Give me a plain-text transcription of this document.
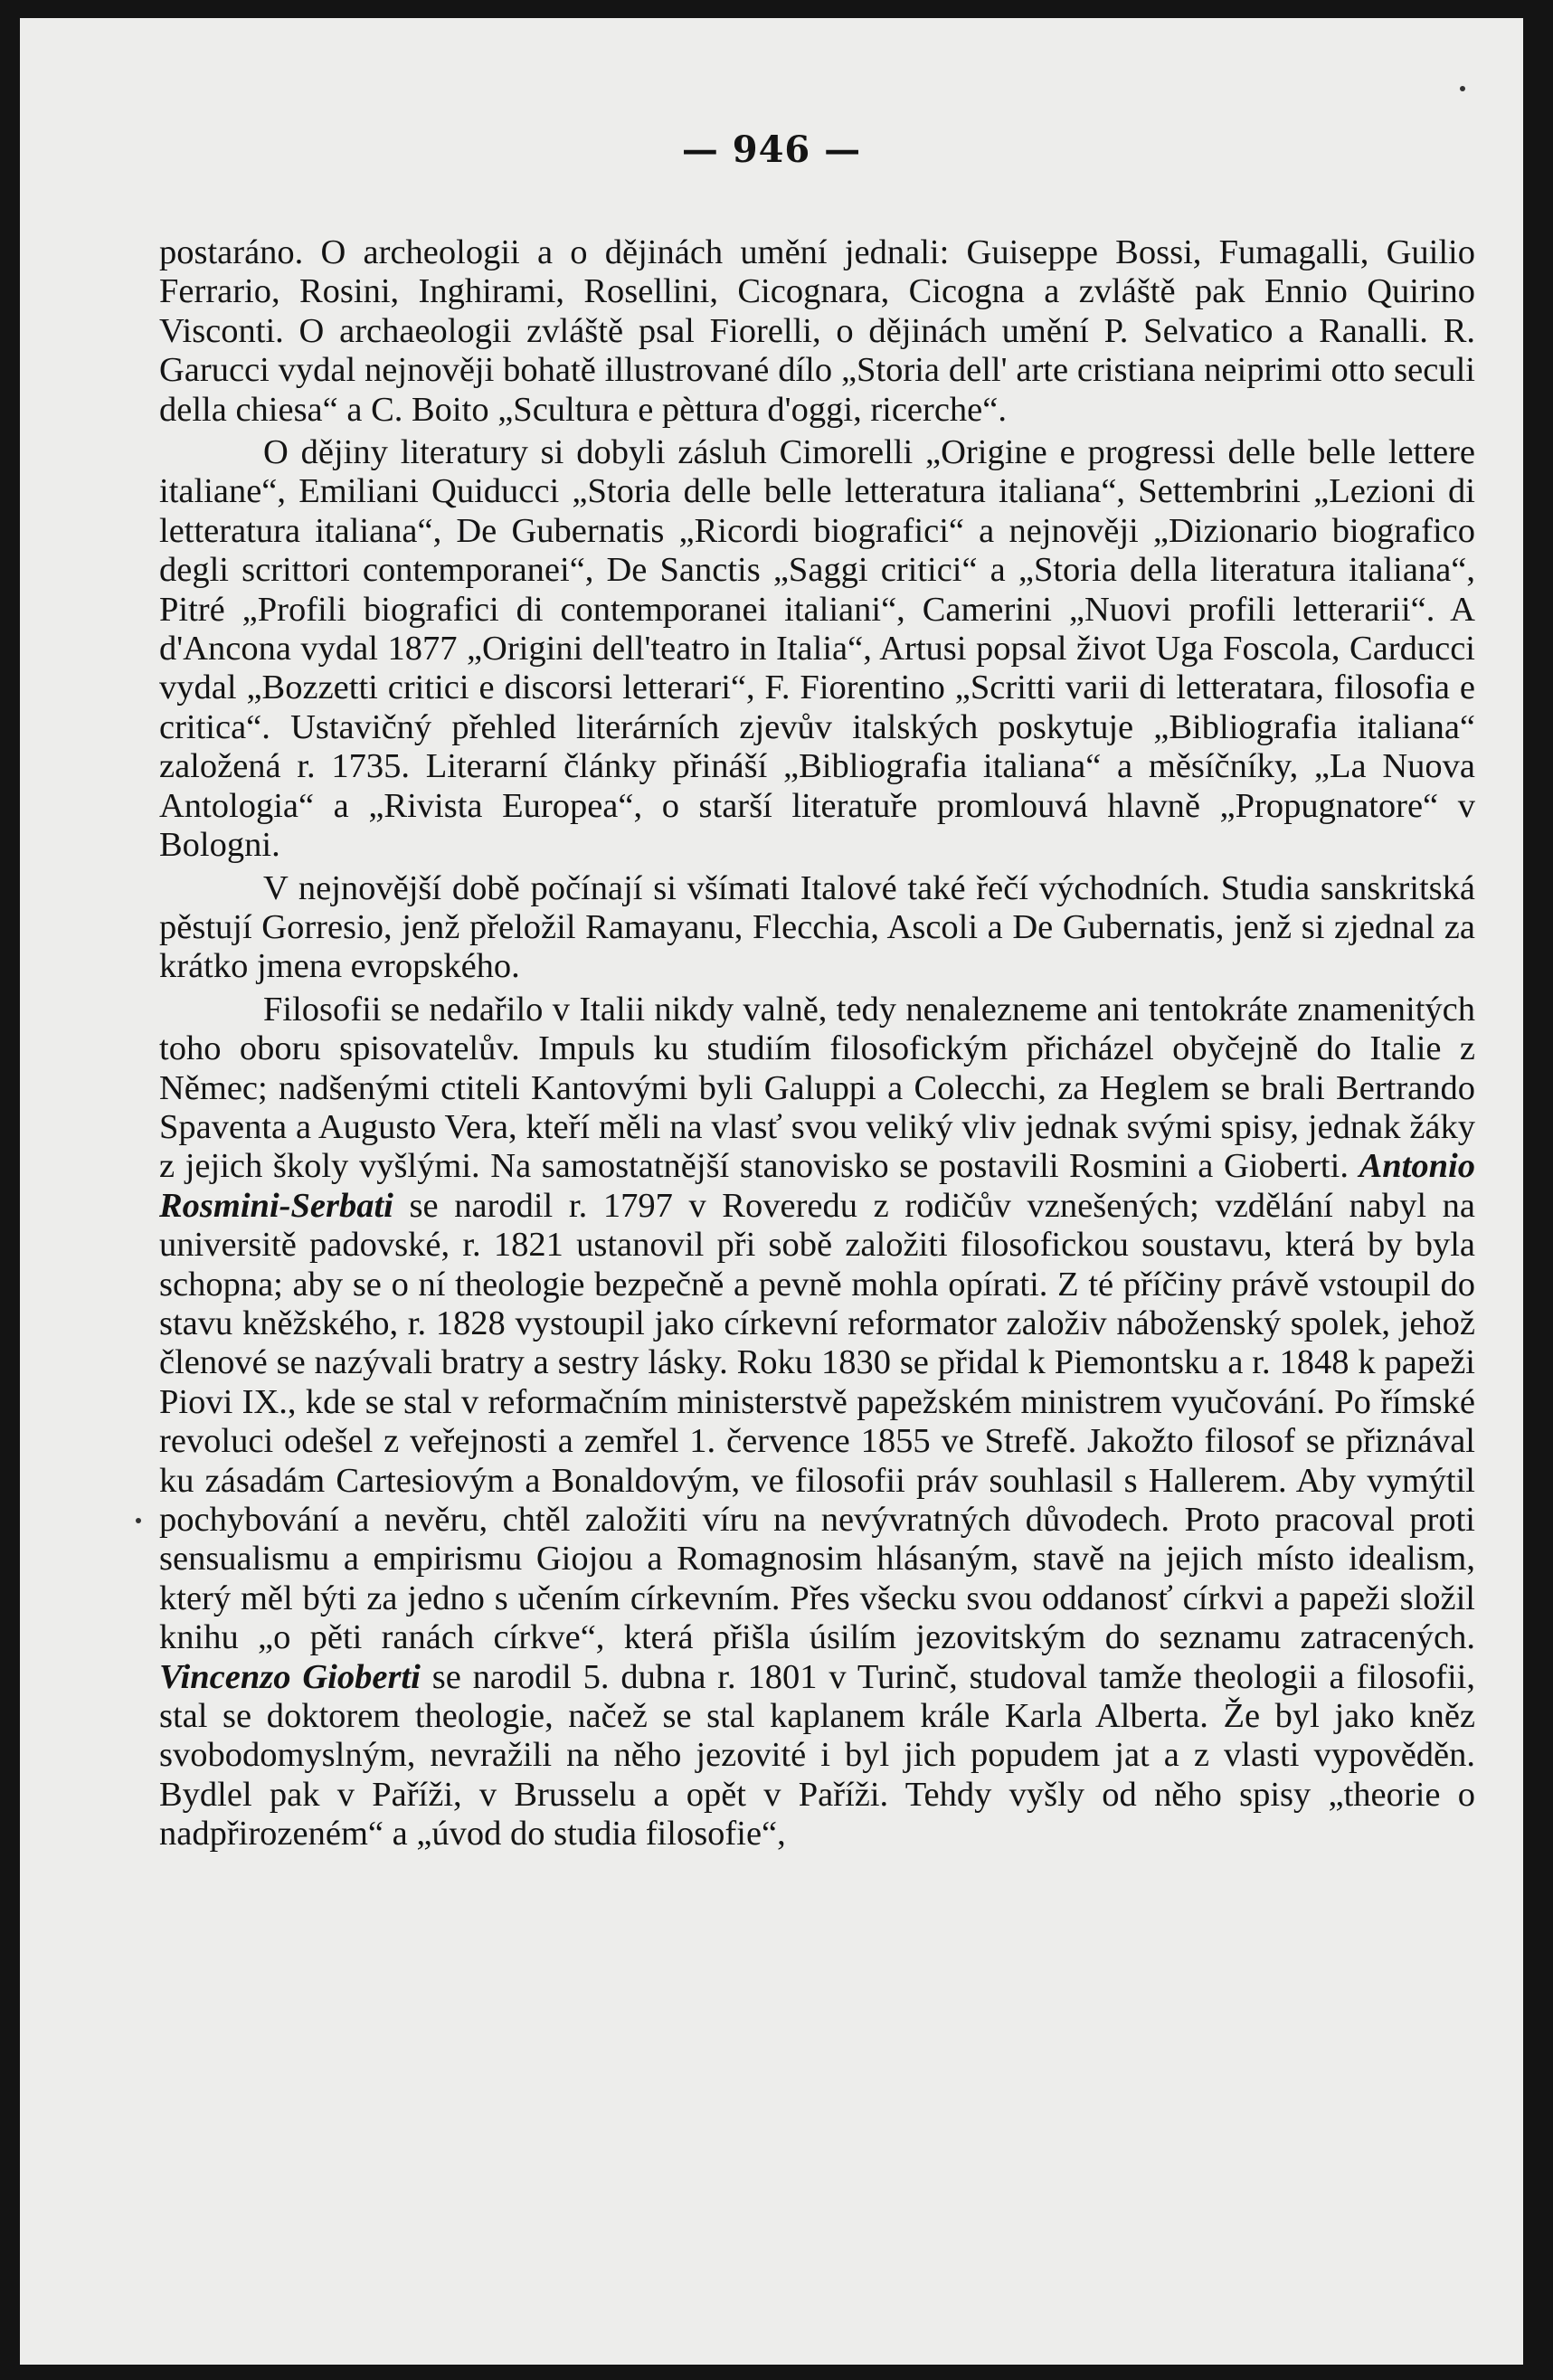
— 946 —

postaráno. O archeologii a o dějinách umění jednali: Guiseppe Bossi, Fumagalli, Guilio Ferrario, Rosini, Inghirami, Rosellini, Cicognara, Cicogna a zvláště pak Ennio Quirino Visconti. O archaeologii zvláště psal Fiorelli, o dějinách umění P. Selvatico a Ranalli. R. Garucci vydal nejnověji bohatě illustrované dílo „Storia dell' arte cristiana neiprimi otto seculi della chiesa“ a C. Boito „Scultura e pèttura d'oggi, ricerche“.

O dějiny literatury si dobyli zásluh Cimorelli „Origine e progressi delle belle lettere italiane“, Emiliani Quiducci „Storia delle belle letteratura italiana“, Settembrini „Lezioni di letteratura italiana“, De Gubernatis „Ricordi biografici“ a nejnověji „Dizionario biografico degli scrittori contemporanei“, De Sanctis „Saggi critici“ a „Storia della literatura italiana“, Pitré „Profili biografici di contemporanei italiani“, Camerini „Nuovi profili letterarii“. A d'Ancona vydal 1877 „Origini dell'teatro in Italia“, Artusi popsal život Uga Foscola, Carducci vydal „Bozzetti critici e discorsi letterari“, F. Fiorentino „Scritti varii di letteratara, filosofia e critica“. Ustavičný přehled literárních zjevův italských poskytuje „Bibliografia italiana“ založená r. 1735. Literarní články přináší „Bibliografia italiana“ a měsíčníky, „La Nuova Antologia“ a „Rivista Europea“, o starší literatuře promlouvá hlavně „Propugnatore“ v Bologni.

V nejnovější době počínají si všímati Italové také řečí východních. Studia sanskritská pěstují Gorresio, jenž přeložil Ramayanu, Flecchia, Ascoli a De Gubernatis, jenž si zjednal za krátko jmena evropského.

Filosofii se nedařilo v Italii nikdy valně, tedy nenalezneme ani tentokráte znamenitých toho oboru spisovatelův. Impuls ku studiím filosofickým přicházel obyčejně do Italie z Němec; nadšenými ctiteli Kantovými byli Galuppi a Colecchi, za Heglem se brali Bertrando Spaventa a Augusto Vera, kteří měli na vlasť svou veliký vliv jednak svými spisy, jednak žáky z jejich školy vyšlými. Na samostatnější stanovisko se postavili Rosmini a Gioberti. Antonio Rosmini-Serbati se narodil r. 1797 v Roveredu z rodičův vznešených; vzdělání nabyl na universitě padovské, r. 1821 ustanovil při sobě založiti filosofickou soustavu, která by byla schopna; aby se o ní theologie bezpečně a pevně mohla opírati. Z té příčiny právě vstoupil do stavu kněžského, r. 1828 vystoupil jako církevní reformator založiv náboženský spolek, jehož členové se nazývali bratry a sestry lásky. Roku 1830 se přidal k Piemontsku a r. 1848 k papeži Piovi IX., kde se stal v reformačním ministerstvě papežském ministrem vyučování. Po římské revoluci odešel z veřejnosti a zemřel 1. července 1855 ve Strefě. Jakožto filosof se přiznával ku zásadám Cartesiovým a Bonaldovým, ve filosofii práv souhlasil s Hallerem. Aby vymýtil pochybování a nevěru, chtěl založiti víru na nevývratných důvodech. Proto pracoval proti sensualismu a empirismu Giojou a Romagnosim hlásaným, stavě na jejich místo idealism, který měl býti za jedno s učením církevním. Přes všecku svou oddanosť církvi a papeži složil knihu „o pěti ranách církve“, která přišla úsilím jezovitským do seznamu zatracených. Vincenzo Gioberti se narodil 5. dubna r. 1801 v Turinč, studoval tamže theologii a filosofii, stal se doktorem theologie, načež se stal kaplanem krále Karla Alberta. Že byl jako kněz svobodomyslným, nevražili na něho jezovité i byl jich popudem jat a z vlasti vypověděn. Bydlel pak v Paříži, v Brusselu a opět v Paříži. Tehdy vyšly od něho spisy „theorie o nadpřirozeném“ a „úvod do studia filosofie“,
